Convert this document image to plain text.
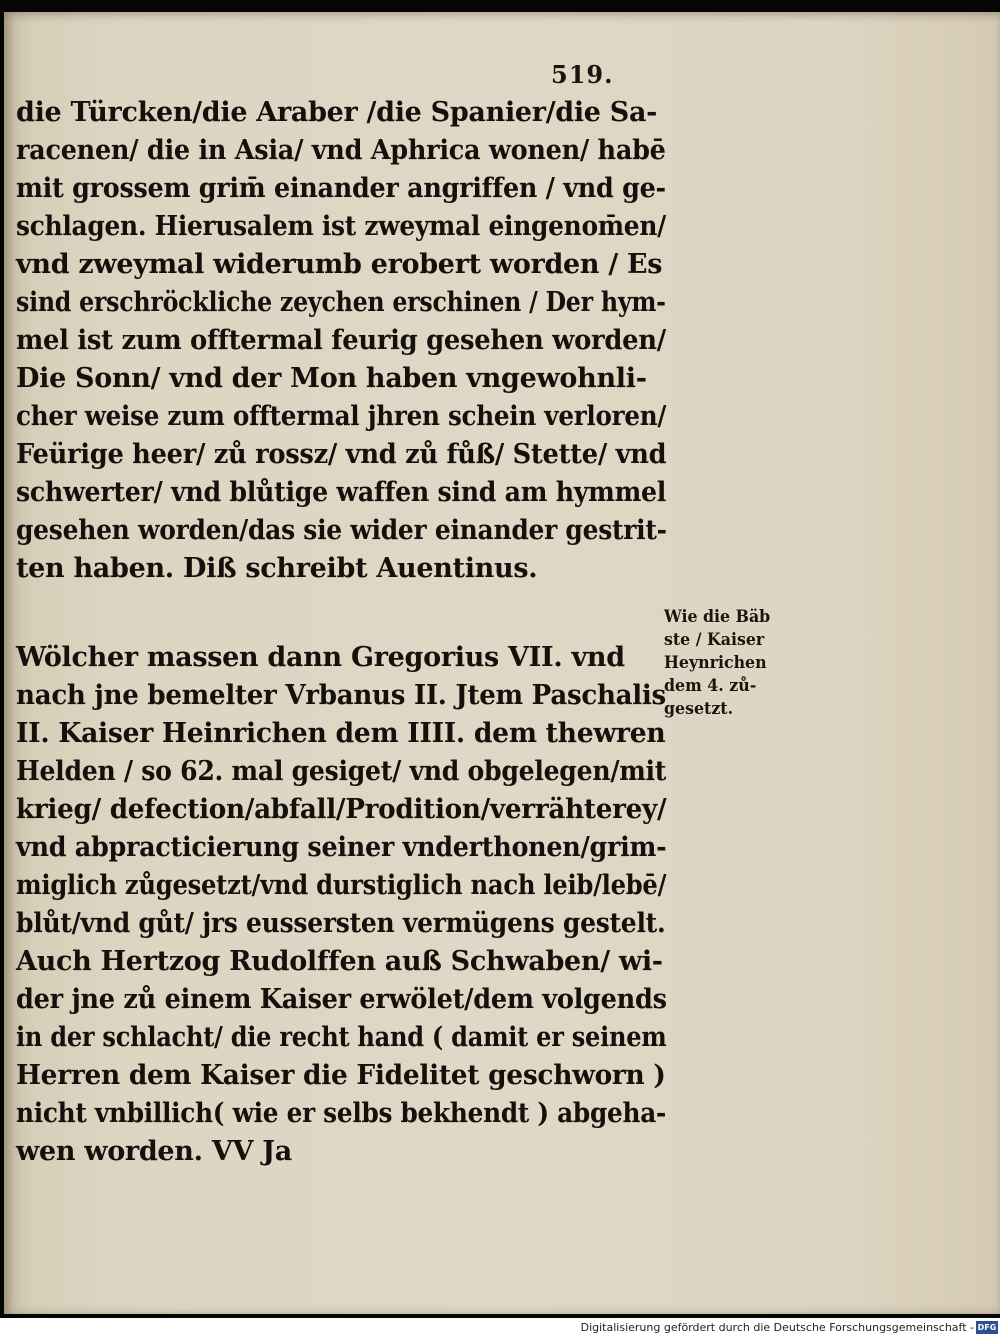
519.
die Türcken/die Araber /die Spanier/die Sa-
racenen/ die in Asia/ vnd Aphrica wonen/ habē
mit grossem grim̄ einander angriffen / vnd ge-
schlagen. Hierusalem ist zweymal eingenom̄en/
vnd zweymal widerumb erobert worden / Es
sind erschröckliche zeychen erschinen / Der hym-
mel ist zum offtermal feurig gesehen worden/
Die Sonn/ vnd der Mon haben vngewohnli-
cher weise zum offtermal jhren schein verloren/
Feürige heer/ zů rossz/ vnd zů fůß/ Stette/ vnd
schwerter/ vnd blůtige waffen sind am hymmel
gesehen worden/das sie wider einander gestrit-
ten haben. Diß schreibt Auentinus.
Wölcher massen dann Gregorius VII. vnd
nach jne bemelter Vrbanus II. Jtem Paschalis
II. Kaiser Heinrichen dem IIII. dem thewren
Helden / so 62. mal gesiget/ vnd obgelegen/mit
krieg/ defection/abfall/Prodition/verrähterey/
vnd abpracticierung seiner vnderthonen/grim-
miglich zůgesetzt/vnd durstiglich nach leib/lebē/
blůt/vnd gůt/ jrs eussersten vermügens gestelt.
Auch Hertzog Rudolffen auß Schwaben/ wi-
der jne zů einem Kaiser erwölet/dem volgends
in der schlacht/ die recht hand ( damit er seinem
Herren dem Kaiser die Fidelitet geschworn )
nicht vnbillich( wie er selbs bekhendt ) abgeha-
wen worden. VV Ja
Wie die Bäb
ste / Kaiser
Heynrichen
dem 4. zů-
gesetzt.
Digitalisierung gefördert durch die Deutsche Forschungsgemeinschaft - DFG
